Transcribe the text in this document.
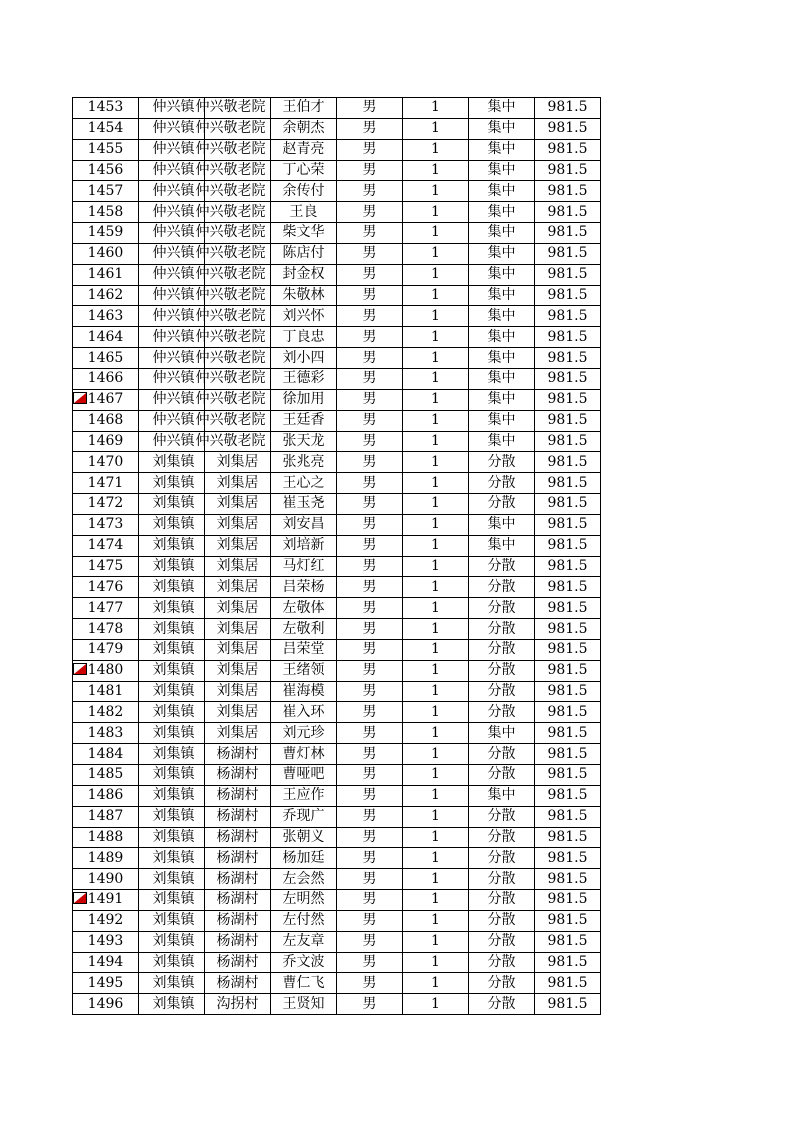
1453	仲兴镇	仲兴敬老院	王伯才	男	1	集中	981.5
1454	仲兴镇	仲兴敬老院	余朝杰	男	1	集中	981.5
1455	仲兴镇	仲兴敬老院	赵青亮	男	1	集中	981.5
1456	仲兴镇	仲兴敬老院	丁心荣	男	1	集中	981.5
1457	仲兴镇	仲兴敬老院	余传付	男	1	集中	981.5
1458	仲兴镇	仲兴敬老院	王良	男	1	集中	981.5
1459	仲兴镇	仲兴敬老院	柴文华	男	1	集中	981.5
1460	仲兴镇	仲兴敬老院	陈店付	男	1	集中	981.5
1461	仲兴镇	仲兴敬老院	封金权	男	1	集中	981.5
1462	仲兴镇	仲兴敬老院	朱敬林	男	1	集中	981.5
1463	仲兴镇	仲兴敬老院	刘兴怀	男	1	集中	981.5
1464	仲兴镇	仲兴敬老院	丁良忠	男	1	集中	981.5
1465	仲兴镇	仲兴敬老院	刘小四	男	1	集中	981.5
1466	仲兴镇	仲兴敬老院	王德彩	男	1	集中	981.5

1467	仲兴镇	仲兴敬老院	徐加用	男	1	集中	981.5
1468	仲兴镇	仲兴敬老院	王廷香	男	1	集中	981.5
1469	仲兴镇	仲兴敬老院	张天龙	男	1	集中	981.5
1470	刘集镇	刘集居	张兆亮	男	1	分散	981.5
1471	刘集镇	刘集居	王心之	男	1	分散	981.5
1472	刘集镇	刘集居	崔玉尧	男	1	分散	981.5
1473	刘集镇	刘集居	刘安昌	男	1	集中	981.5
1474	刘集镇	刘集居	刘培新	男	1	集中	981.5
1475	刘集镇	刘集居	马灯红	男	1	分散	981.5
1476	刘集镇	刘集居	吕荣杨	男	1	分散	981.5
1477	刘集镇	刘集居	左敬体	男	1	分散	981.5
1478	刘集镇	刘集居	左敬利	男	1	分散	981.5
1479	刘集镇	刘集居	吕荣堂	男	1	分散	981.5

1480	刘集镇	刘集居	王绪领	男	1	分散	981.5
1481	刘集镇	刘集居	崔海模	男	1	分散	981.5
1482	刘集镇	刘集居	崔入环	男	1	分散	981.5
1483	刘集镇	刘集居	刘元珍	男	1	集中	981.5
1484	刘集镇	杨湖村	曹灯林	男	1	分散	981.5
1485	刘集镇	杨湖村	曹哑吧	男	1	分散	981.5
1486	刘集镇	杨湖村	王应作	男	1	集中	981.5
1487	刘集镇	杨湖村	乔现广	男	1	分散	981.5
1488	刘集镇	杨湖村	张朝义	男	1	分散	981.5
1489	刘集镇	杨湖村	杨加廷	男	1	分散	981.5
1490	刘集镇	杨湖村	左会然	男	1	分散	981.5

1491	刘集镇	杨湖村	左明然	男	1	分散	981.5
1492	刘集镇	杨湖村	左付然	男	1	分散	981.5
1493	刘集镇	杨湖村	左友章	男	1	分散	981.5
1494	刘集镇	杨湖村	乔文波	男	1	分散	981.5
1495	刘集镇	杨湖村	曹仁飞	男	1	分散	981.5
1496	刘集镇	沟拐村	王贤知	男	1	分散	981.5
